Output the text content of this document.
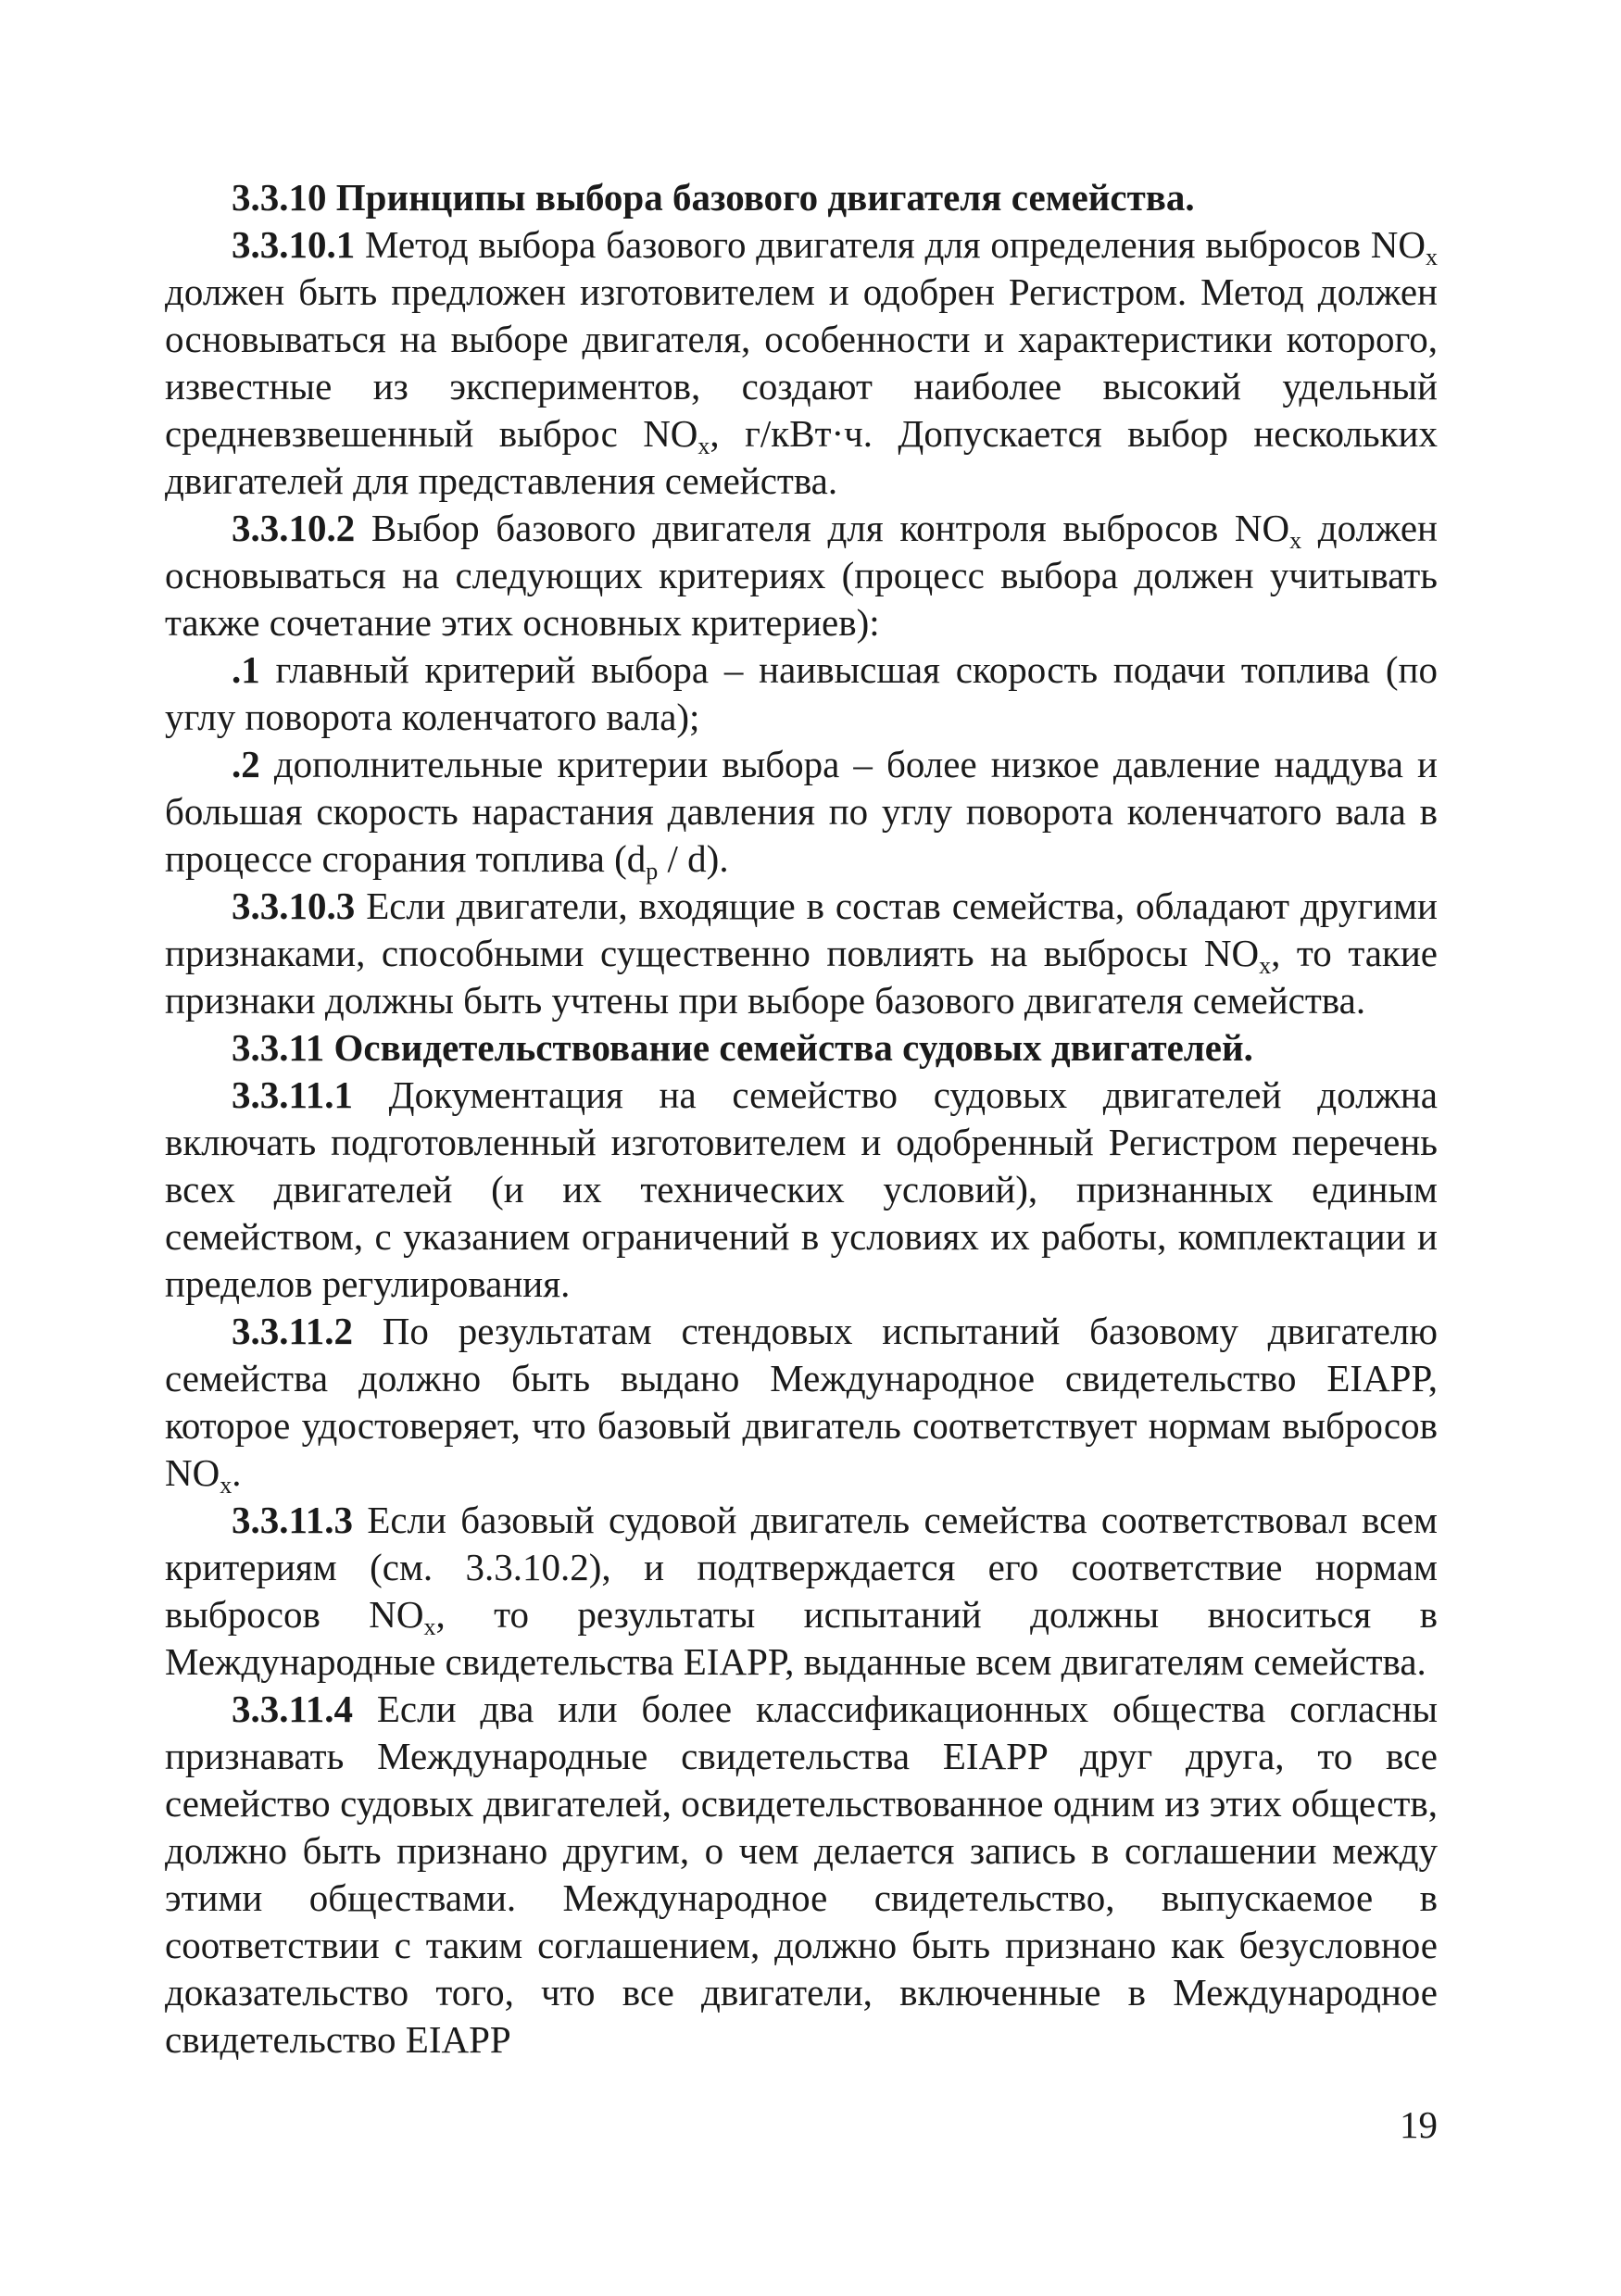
3.3.10 Принципы выбора базового двигателя семейства.

3.3.10.1 Метод выбора базового двигателя для определения выбросов $NO_x$ должен быть предложен изготовителем и одобрен Регистром. Метод должен основываться на выборе двигателя, особенности и характеристики которого, известные из экспериментов, создают наиболее высокий удельный средневзвешенный выброс $NO_x$, г/кВт·ч. Допускается выбор нескольких двигателей для представления семейства.

3.3.10.2 Выбор базового двигателя для контроля выбросов $NO_x$ должен основываться на следующих критериях (процесс выбора должен учитывать также сочетание этих основных критериев):

.1 главный критерий выбора – наивысшая скорость подачи топлива (по углу поворота коленчатого вала);

.2 дополнительные критерии выбора – более низкое давление наддува и большая скорость нарастания давления по углу поворота коленчатого вала в процессе сгорания топлива $(d_p / d)$.

3.3.10.3 Если двигатели, входящие в состав семейства, обладают другими признаками, способными существенно повлиять на выбросы $NO_x$, то такие признаки должны быть учтены при выборе базового двигателя семейства.

3.3.11 Освидетельствование семейства судовых двигателей.

3.3.11.1 Документация на семейство судовых двигателей должна включать подготовленный изготовителем и одобренный Регистром перечень всех двигателей (и их технических условий), признанных единым семейством, с указанием ограничений в условиях их работы, комплектации и пределов регулирования.

3.3.11.2 По результатам стендовых испытаний базовому двигателю семейства должно быть выдано Международное свидетельство EIAPP, которое удостоверяет, что базовый двигатель соответствует нормам выбросов $NO_x$.

3.3.11.3 Если базовый судовой двигатель семейства соответствовал всем критериям (см. 3.3.10.2), и подтверждается его соответствие нормам выбросов $NO_x$, то результаты испытаний должны вноситься в Международные свидетельства EIAPP, выданные всем двигателям семейства.

3.3.11.4 Если два или более классификационных общества согласны признавать Международные свидетельства EIAPP друг друга, то все семейство судовых двигателей, освидетельствованное одним из этих обществ, должно быть признано другим, о чем делается запись в соглашении между этими обществами. Международное свидетельство, выпускаемое в соответствии с таким соглашением, должно быть признано как безусловное доказательство того, что все двигатели, включенные в Международное свидетельство EIAPP

19
